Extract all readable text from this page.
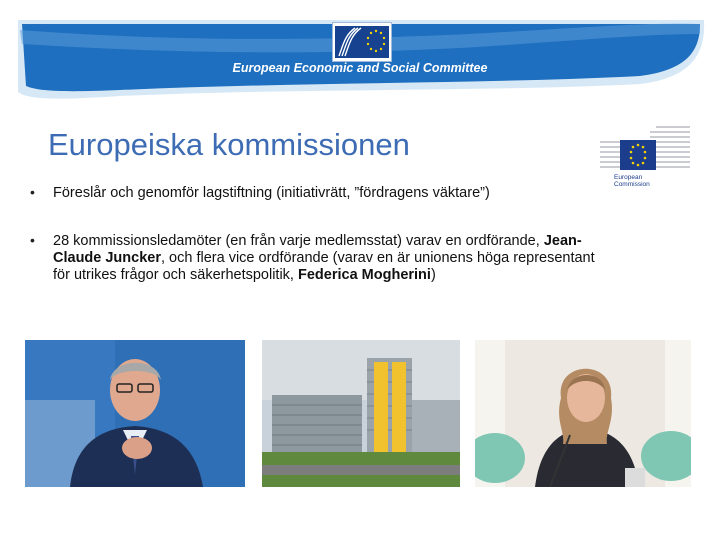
European Economic and Social Committee
Europeiska kommissionen
European
Commission
• Föreslår och genomför lagstiftning (initiativrätt, ”fördragens väktare”)
• 28 kommissionsledamöter (en från varje medlemsstat) varav en ordförande, Jean-Claude Juncker, och flera vice ordförande (varav en är unionens höga representant för utrikes frågor och säkerhetspolitik, Federica Mogherini)
